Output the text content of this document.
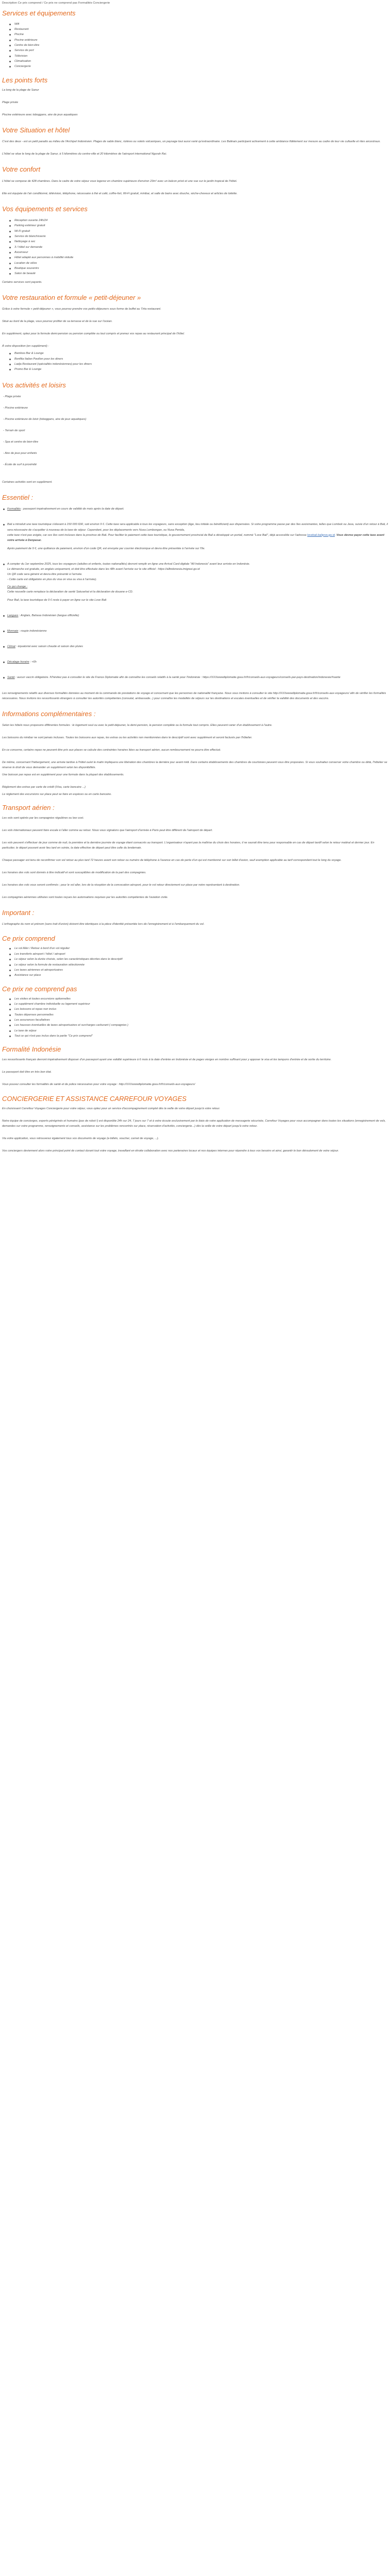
Description Ce prix comprend / Ce prix ne comprend pas Formalités Conciergerie

Services et équipements
Wifi
Restaurant
Piscine
Piscine extérieure
Centre de bien-être
Service de port
Télévision
Climatisation
Conciergerie
Les points forts

La long de la plage de Sanur

Plage privée

Piscine extérieure avec toboggans, aire de jeux aquatiques

Votre Situation et hôtel

C'est des deux - est un petit paradis au milieu de l'Archipel Indonésien. Plages de sable blanc, rizières ou volets volcaniques, un paysage tout aussi varié qu'extraordinaire. Les Balinais participent activement à cette ambiance fidèlement sur mesure au cadre de leur vie cultuelle et rites ancestraux.

L'hôtel se situe le long de la plage de Sanur, à 5 kilomètres du centre-ville et 20 kilomètres de l'aéroport international Ngurah Rai.

Votre confort

L'hôtel se compose de 428 chambres. Dans le cadre de votre séjour vous logerez en chambre supérieure d'environ 23m² avec un balcon privé et une vue sur le jardin tropical de l'hôtel.

Elle est équipée de l'air conditionné, télévision, téléphone, nécessaire à thé et café, coffre-fort, Wi-Fi gratuit, minibar, et salle de bains avec douche, sèche-cheveux et articles de toilette.

Vos équipements et services
Réception ouverte 24h/24
Parking extérieur gratuit
Wi-Fi gratuit
Service de blanchisserie
Nettoyage à sec
3 / hôtel sur demande
Ascenseur
Hôtel adapté aux personnes à mobilité réduite
Location de vélos
Boutique souvenirs
Salon de beauté

Certains services sont payants.

Votre restauration et formule « petit-déjeuner »

Grâce à votre formule « petit-déjeuner », vous pourrez prendre vos petits-déjeuners sous forme de buffet au Tirta restaurant.

Situé au bord de la plage, vous pourrez profiter de sa terrasse et de la vue sur l'océan.

En supplément, optez pour la formule demi-pension ou pension complète ou tout compris et prenez vos repas au restaurant principal de l'hôtel.

À votre disposition (en supplément) :

Bamboo Bar & Lounge
Bonfilia Italian Pavilion pour les diners
Ladja Restaurant (spécialités indonésiennes) pour les diners
Promo Bar & Lounge
Vos activités et loisirs

- Plage privée

- Piscine extérieure

- Piscine extérieure de loisir (toboggans, aire de jeux aquatiques)

- Terrain de sport

- Spa et centre de bien-être

- Aire de jeux pour enfants

- École de surf à proximité

Certaines activités sont en supplément.

Essentiel :

Formalités : passeport impérativement en cours de validité de mois après la date de départ.

Bali a introduit une taxe touristique s'élevant à 150 000 IDR, soit environ 9 €. Cette taxe sera applicable à tous les voyageurs, sans exception (âge, lieu initiale ou bénéficiant) aux dispensées. Si votre programme passe par des îles avoisinantes, telles que Lombok ou Java, suivie d'un retour à Bali, il sera nécessaire de s'acquitter à nouveau de la taxe de séjour. Cependant, pour les déplacements vers Nusa Lembongan, ou Nusa Penida,

cette taxe n'est pas exigée, car ces îles sont incluses dans la province de Bali. Pour faciliter le paiement cette taxe touristique, le gouvernement provincial de Bali a développé un portail, nommé "Love Bali", déjà accessible sur l'adresse lovebali.baliprov.go.id. Vous devrez payer cette taxe avant votre arrivée à Denpasar.

Après paiement de 9 €, une quittance de paiement, environ d'un code QR, est envoyée par courrier électronique et devra être présentée à l'arrivée sur l'île.

A compter du 1er septembre 2025, tous les voyageurs (adultes et enfants, toutes nationalités) devront remplir en ligne une Arrival Card digitale "All Indonesia" avant leur arrivée en Indonésie.

Le démarche est gratuite, en anglais uniquement, et doit être effectuée dans les 48h avant l'arrivée sur le site officiel : https://allindonesia.imigrasi.go.id

Un QR code sera généré et devra être présenté à l'arrivée.

- Cette carte est obligatoire en plus du visa on visa ou visa à l'arrivée).

Ce qui change :

Cette nouvelle carte remplace la déclaration de santé Satusehat et la déclaration de douane e-CD.

Pour Bali, la taxe touristique de 9 € reste à payer en ligne sur le site Love Bali

Langues : Anglais, Bahasa Indonésien (langue officielle)

Monnaie : roupie indonésienne

Climat : équatorial avec saison chaude et saison des pluies

Décalage horaire : +6h

Santé : aucun vaccin obligatoire. N'hésitez pas à consulter le site de France Diplomatie afin de connaître les conseils relatifs à la santé pour l'Indonésie : https://XXXwwwdiplomatie.gouv.fr/fr/conseils-aux-voyageurs/conseils-par-pays-destination/indonesie/#sante

Les renseignements relatifs aux diverses formalités données au moment de la commande de prestations de voyage et concernant que les personnes de nationalité française. Nous vous invitons à consulter le site http://XXXwwwdiplomatie.gouv.fr/fr/conseils-aux-voyageurs/ afin de vérifier les formalités nécessaires. Nous invitons les ressortissants étrangers à consulter les autorités compétentes (consulat, ambassade...) pour connaître les modalités de séjours sur les destinations et escales éventuelles et de vérifier la validité des documents et des vaccins.

Informations complémentaires :

Selon les hôtels nous proposons différentes formules : le logement seul ou avec le petit-déjeuner, la demi-pension, la pension complète ou la formule tout compris. Elles peuvent varier d'un établissement à l'autre.

Les boissons du minibar ne sont jamais incluses. Toutes les boissons aux repas, les extras ou les activités non mentionnées dans le descriptif sont avec supplément et seront facturés par l'hôtelier.

En ce concerne, certains repas ne peuvent être pris aux places se calcule des contraintes horaires liées au transport aérien, aucun remboursement ne pourra être effectué.

De même, concernant l'hébergement, une arrivée tardive à l'hôtel ou/et le matin impliquera une libération des chambres la dernière jour avant midi. Dans certains établissements des chambres de courtoisies peuvent vous être proposées. Si vous souhaitez conserver votre chambre ou détà, l'hôtelier se réserve le droit de vous demander un supplément selon les disponibilités.

Une boisson par repas est en supplément pour une formule dans la plupart des établissements.

Réglement des extras par carte de crédit (Visa, carte bancaire ...)

Le règlement des excursions sur place peut se faire en espèces ou en carte bancaire.

Transport aérien :

Les vols sont opérés par les compagnies régulières ou low cost.

Les vols internationaux peuvent faire escale à l'aller comme au retour. Nous vous signalons que l'aéroport d'arrivée à Paris peut être différent de l'aéroport de départ.

Les vols peuvent s'effectuer de jour comme de nuit, la première et la dernière journée de voyage étant consacrés au transport. L'organisateur n'ayant pas la maîtrise du choix des horaires, il ne saurait être tenu pour responsable en cas de départ tardif selon le retour matinal et dernier jour. En particulier, le départ pouvant avoir lieu tard en soirée, la date effective de départ peut être celle du lendemain.

Chaque passager est tenu de reconfirmer son vol retour au plus tard 72 heures avant son retour ou numéro de téléphone à l'avance en cas de perte d'un qui est mentionné sur son billet d'avion, sauf exemption applicable au tarif correspondant tout le long du voyage.

Les horaires des vols sont donnés à titre indicatif et sont susceptibles de modification de la part des compagnies.

Les horaires des vols vous seront confirmés ; pour le vol aller, lors de la réception de la convocation aéroport, pour le vol retour directement sur place par notre représentant à destination.

Les compagnies aériennes utilisées sont toutes reçues les autorisations requises par les autorités compétentes de l'aviation civile.

Important :

L'orthographe du nom et prénom (sans trait d'union) doivent être identiques à la pièce d'identité présentée lors de l'enregistrement et à l'embarquement du vol.

Ce prix comprend
Le vol Aller / Retour à bord d'un vol régulier
Les transferts aéroport / hôtel / aéroport
Le séjour selon la durée choisie, selon les caractéristiques décrites dans le descriptif
Le séjour selon la formule de restauration sélectionnée
Les taxes aériennes et aéroportuaires
Assistance sur place
Ce prix ne comprend pas
Les visites et toutes excursions optionnelles
Le supplément chambre individuelle ou logement supérieur
Les boissons et repas non inclus
Toutes dépenses personnelles
Les assurances facultatives
Les hausses éventuelles de taxes aéroportuaires et surcharges carburant ( compagnies )
Le taxe de séjour
Tout ce qui n'est pas inclus dans la partie "Ce prix comprend"
Formalité Indonésie

Les ressortissants français devront impérativement disposer d'un passeport ayant une validité supérieure à 6 mois à la date d'entrée en Indonésie et de pages vierges en nombre suffisant pour y apposer le visa et les tampons d'entrée et de sortie du territoire.

Le passeport doit être en très bon état.

Vous pouvez consulter les formalités de santé et de police nécessaires pour votre voyage : http://XXXwwwdiplomatie.gouv.fr/fr/conseils-aux-voyageurs/

CONCIERGERIE ET ASSISTANCE CARREFOUR VOYAGES

En choisissant Carrefour Voyages Conciergerie pour votre séjour, vous optez pour un service d'accompagnement complet dès la veille de votre départ jusqu'à votre retour.

Notre équipe de concierges, experts pérégrinés et humains (pas de robot !) est disponible 24h sur 24, 7 jours sur 7 et à votre écoute exclusivement par le biais de votre application de messagerie sécurisée, Carrefour Voyages pour vous accompagner dans toutes les situations (enregistrement de vols, demandes sur votre programme, renseignements et conseils, assistance sur les problèmes rencontrés sur place, réservation d'activités, conciergerie...) dès la veille de votre départ jusqu'à votre retour.

Via votre application, vous retrouverez également tous vos documents de voyage (e-billets, voucher, carnet de voyage, ...).

Vos conciergers deviennent alors votre principal point de contact durant tout votre voyage, travaillant en étroite collaboration avec nos partenaires locaux et nos équipes internes pour répondre à tous vos besoins et ainsi, garantir le bon déroulement de votre séjour.
